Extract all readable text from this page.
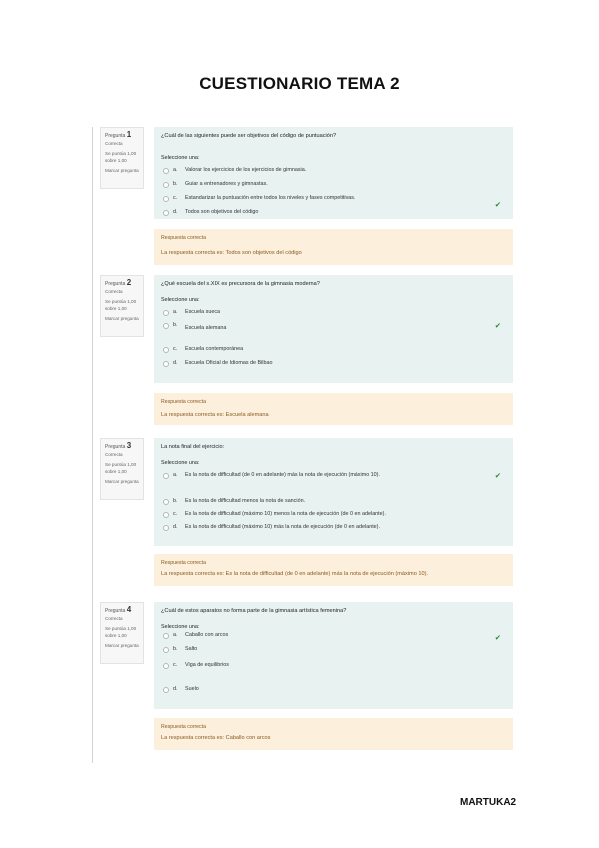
CUESTIONARIO TEMA 2
Pregunta 1
Correcta
Se puntúa 1,00 sobre 1,00
Marcar pregunta
¿Cuál de las siguientes puede ser objetivos del código de puntuación?
Seleccione una:
a. Valorar los ejercicios de los ejercicios de gimnasia.
b. Guiar a entrenadores y gimnastas.
c. Estandarizar la puntuación entre todos los niveles y fases competitivas.
d. Todos son objetivos del código
✔
Respuesta correcta
La respuesta correcta es: Todos son objetivos del código
Pregunta 2
Correcta
Se puntúa 1,00 sobre 1,00
Marcar pregunta
¿Qué escuela del s.XIX es precursora de la gimnasia moderna?
Seleccione una:
a. Escuela sueca
b. Escuela alemana
c. Escuela contemporánea
d. Escuela Oficial de Idiomas de Bilbao
✔
Respuesta correcta
La respuesta correcta es: Escuela alemana
Pregunta 3
Correcta
Se puntúa 1,00 sobre 1,00
Marcar pregunta
La nota final del ejercicio:
Seleccione una:
a. Es la nota de difficultad (de 0 en adelante) más la nota de ejecución (máximo 10).
b. Es la nota de difficultad menos la nota de sanción.
c. Es la nota de difficultad (máximo 10) menos la nota de ejecución (de 0 en adelante).
d. Es la nota de difficultad (máximo 10) más la nota de ejecución (de 0 en adelante).
✔
Respuesta correcta
La respuesta correcta es: Es la nota de difficultad (de 0 en adelante) más la nota de ejecución (máximo 10).
Pregunta 4
Correcta
Se puntúa 1,00 sobre 1,00
Marcar pregunta
¿Cuál de estos aparatos no forma parte de la gimnasia artística femenina?
Seleccione una:
a. Caballo con arcos
b. Salto
c. Viga de equilibrios
d. Suelo
✔
Respuesta correcta
La respuesta correcta es: Caballo con arcos
MARTUKA2
